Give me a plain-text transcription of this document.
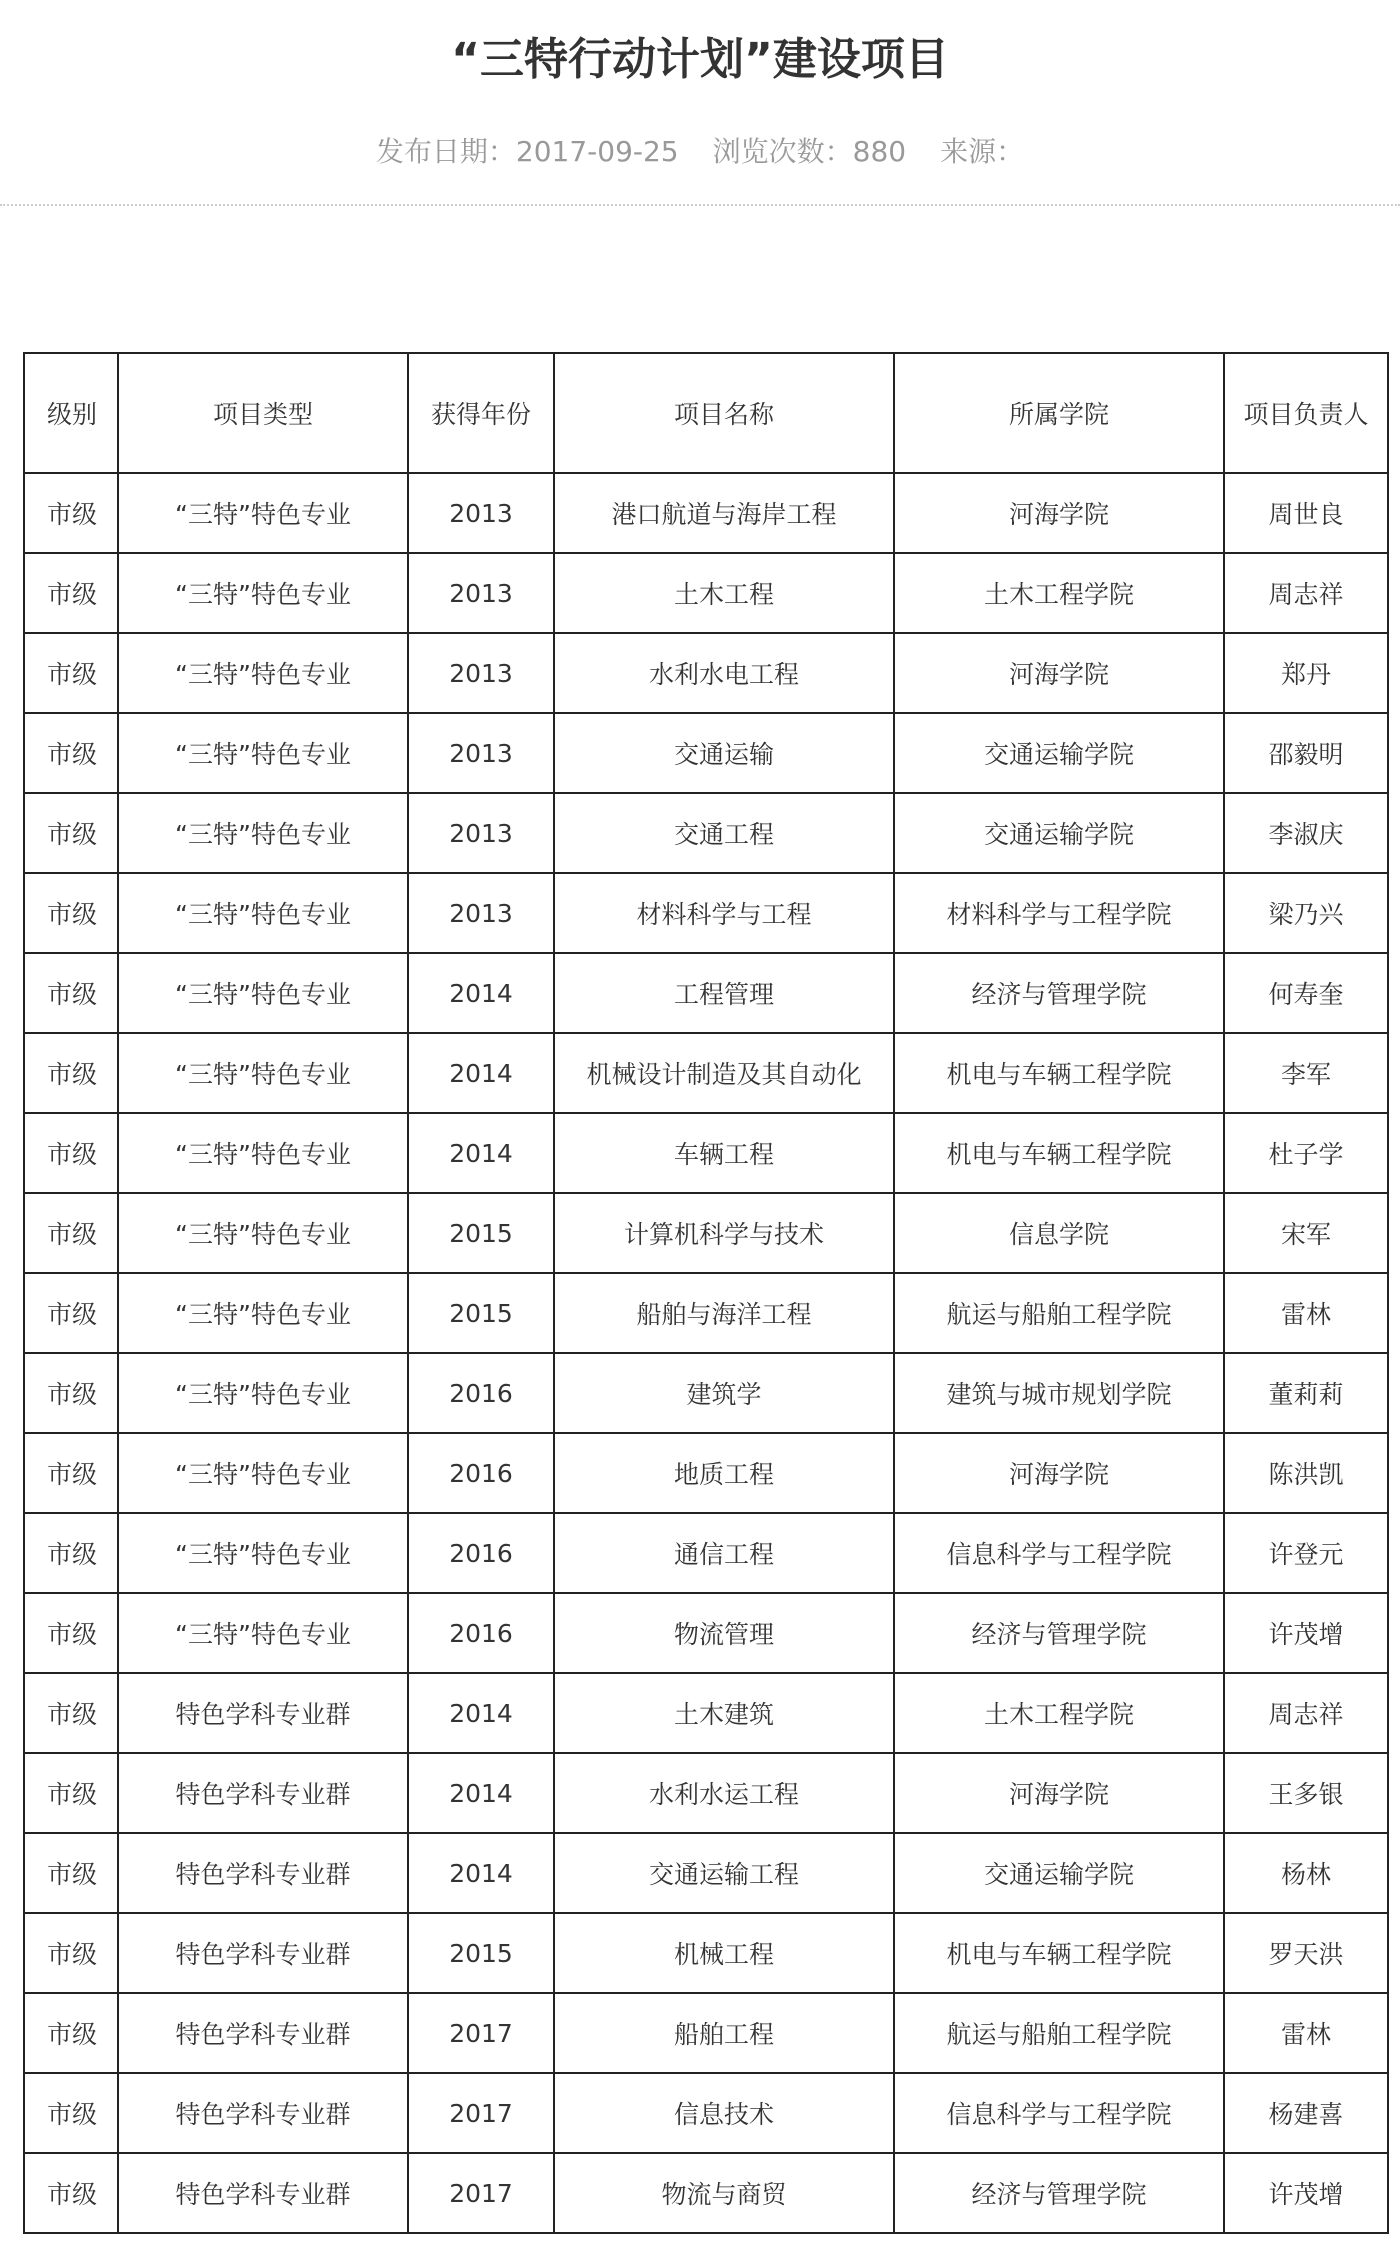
“三特行动计划”建设项目
发布日期：2017-09-25 浏览次数：880 来源：
级别	项目类型	获得年份	项目名称	所属学院	项目负责人
市级	“三特”特色专业	2013	港口航道与海岸工程	河海学院	周世良
市级	“三特”特色专业	2013	土木工程	土木工程学院	周志祥
市级	“三特”特色专业	2013	水利水电工程	河海学院	郑丹
市级	“三特”特色专业	2013	交通运输	交通运输学院	邵毅明
市级	“三特”特色专业	2013	交通工程	交通运输学院	李淑庆
市级	“三特”特色专业	2013	材料科学与工程	材料科学与工程学院	梁乃兴
市级	“三特”特色专业	2014	工程管理	经济与管理学院	何寿奎
市级	“三特”特色专业	2014	机械设计制造及其自动化	机电与车辆工程学院	李军
市级	“三特”特色专业	2014	车辆工程	机电与车辆工程学院	杜子学
市级	“三特”特色专业	2015	计算机科学与技术	信息学院	宋军
市级	“三特”特色专业	2015	船舶与海洋工程	航运与船舶工程学院	雷林
市级	“三特”特色专业	2016	建筑学	建筑与城市规划学院	董莉莉
市级	“三特”特色专业	2016	地质工程	河海学院	陈洪凯
市级	“三特”特色专业	2016	通信工程	信息科学与工程学院	许登元
市级	“三特”特色专业	2016	物流管理	经济与管理学院	许茂增
市级	特色学科专业群	2014	土木建筑	土木工程学院	周志祥
市级	特色学科专业群	2014	水利水运工程	河海学院	王多银
市级	特色学科专业群	2014	交通运输工程	交通运输学院	杨林
市级	特色学科专业群	2015	机械工程	机电与车辆工程学院	罗天洪
市级	特色学科专业群	2017	船舶工程	航运与船舶工程学院	雷林
市级	特色学科专业群	2017	信息技术	信息科学与工程学院	杨建喜
市级	特色学科专业群	2017	物流与商贸	经济与管理学院	许茂增
